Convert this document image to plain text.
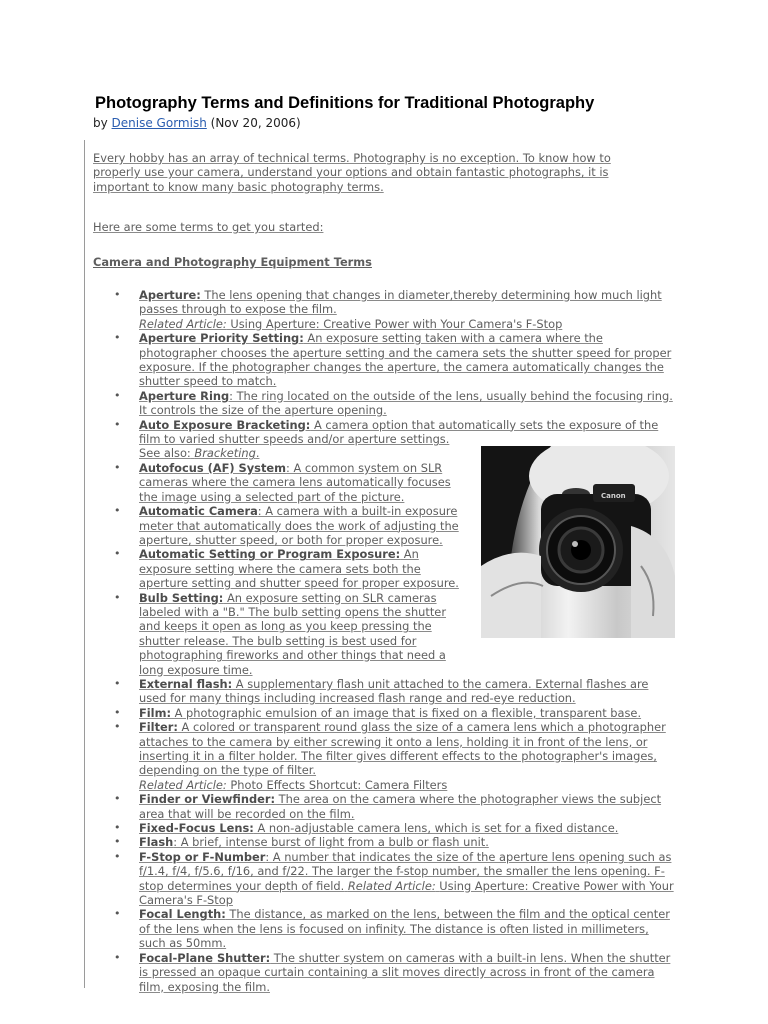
Photography Terms and Definitions for Traditional Photography
by Denise Gormish (Nov 20, 2006)
Every hobby has an array of technical terms. Photography is no exception. To know how to properly use your camera, understand your options and obtain fantastic photographs, it is important to know many basic photography terms.
Here are some terms to get you started:
Camera and Photography Equipment Terms
• Aperture: The lens opening that changes in diameter,thereby determining how much light passes through to expose the film.
Related Article: Using Aperture: Creative Power with Your Camera's F-Stop
• Aperture Priority Setting: An exposure setting taken with a camera where the photographer chooses the aperture setting and the camera sets the shutter speed for proper exposure. If the photographer changes the aperture, the camera automatically changes the shutter speed to match.
• Aperture Ring: The ring located on the outside of the lens, usually behind the focusing ring. It controls the size of the aperture opening.
• Auto Exposure Bracketing: A camera option that automatically sets the exposure of the film to varied shutter speeds and/or aperture settings.
See also: Bracketing.
• Autofocus (AF) System: A common system on SLR cameras where the camera lens automatically focuses the image using a selected part of the picture.
• Automatic Camera: A camera with a built-in exposure meter that automatically does the work of adjusting the aperture, shutter speed, or both for proper exposure.
• Automatic Setting or Program Exposure: An exposure setting where the camera sets both the aperture setting and shutter speed for proper exposure.
• Bulb Setting: An exposure setting on SLR cameras labeled with a "B." The bulb setting opens the shutter and keeps it open as long as you keep pressing the shutter release. The bulb setting is best used for photographing fireworks and other things that need a long exposure time.
• External flash: A supplementary flash unit attached to the camera. External flashes are used for many things including increased flash range and red-eye reduction.
• Film: A photographic emulsion of an image that is fixed on a flexible, transparent base.
• Filter: A colored or transparent round glass the size of a camera lens which a photographer attaches to the camera by either screwing it onto a lens, holding it in front of the lens, or inserting it in a filter holder. The filter gives different effects to the photographer's images, depending on the type of filter.
Related Article: Photo Effects Shortcut: Camera Filters
• Finder or Viewfinder: The area on the camera where the photographer views the subject area that will be recorded on the film.
• Fixed-Focus Lens: A non-adjustable camera lens, which is set for a fixed distance.
• Flash: A brief, intense burst of light from a bulb or flash unit.
• F-Stop or F-Number: A number that indicates the size of the aperture lens opening such as f/1.4, f/4, f/5.6, f/16, and f/22. The larger the f-stop number, the smaller the lens opening. F-stop determines your depth of field. Related Article: Using Aperture: Creative Power with Your Camera's F-Stop
• Focal Length: The distance, as marked on the lens, between the film and the optical center of the lens when the lens is focused on infinity. The distance is often listed in millimeters, such as 50mm.
• Focal-Plane Shutter: The shutter system on cameras with a built-in lens. When the shutter is pressed an opaque curtain containing a slit moves directly across in front of the camera film, exposing the film.
Canon
